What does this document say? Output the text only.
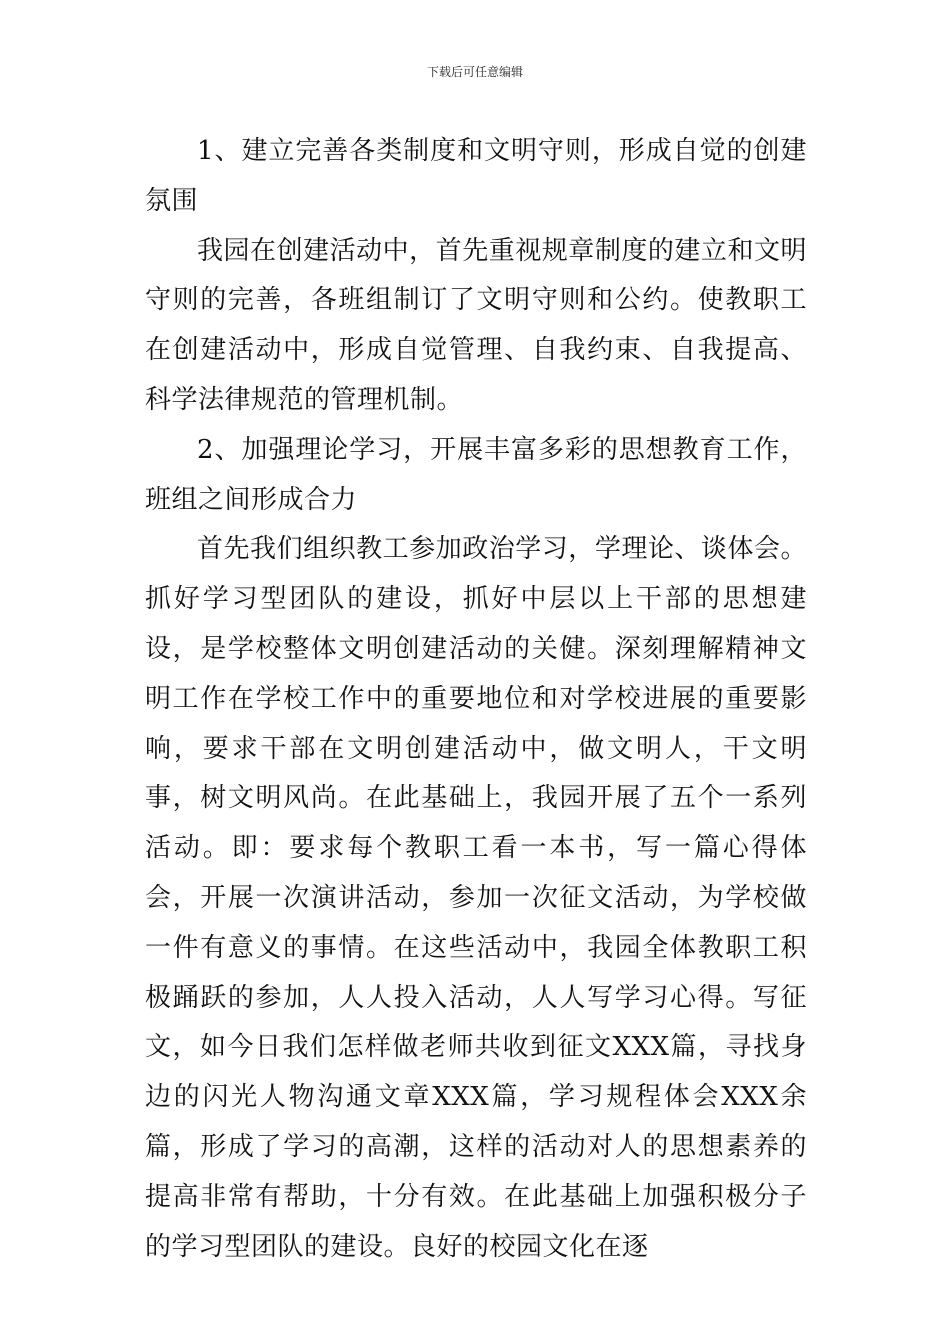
下载后可任意编辑

1、建立完善各类制度和文明守则，形成自觉的创建氛围

我园在创建活动中，首先重视规章制度的建立和文明守则的完善，各班组制订了文明守则和公约。使教职工在创建活动中，形成自觉管理、自我约束、自我提高、科学法律规范的管理机制。

2、加强理论学习，开展丰富多彩的思想教育工作，班组之间形成合力

首先我们组织教工参加政治学习，学理论、谈体会。抓好学习型团队的建设，抓好中层以上干部的思想建设，是学校整体文明创建活动的关健。深刻理解精神文明工作在学校工作中的重要地位和对学校进展的重要影响，要求干部在文明创建活动中，做文明人，干文明事，树文明风尚。在此基础上，我园开展了五个一系列活动。即：要求每个教职工看一本书，写一篇心得体会，开展一次演讲活动，参加一次征文活动，为学校做一件有意义的事情。在这些活动中，我园全体教职工积极踊跃的参加，人人投入活动，人人写学习心得。写征文，如今日我们怎样做老师共收到征文XXX篇，寻找身边的闪光人物沟通文章XXX篇，学习规程体会XXX余篇，形成了学习的高潮，这样的活动对人的思想素养的提高非常有帮助，十分有效。在此基础上加强积极分子的学习型团队的建设。良好的校园文化在逐
